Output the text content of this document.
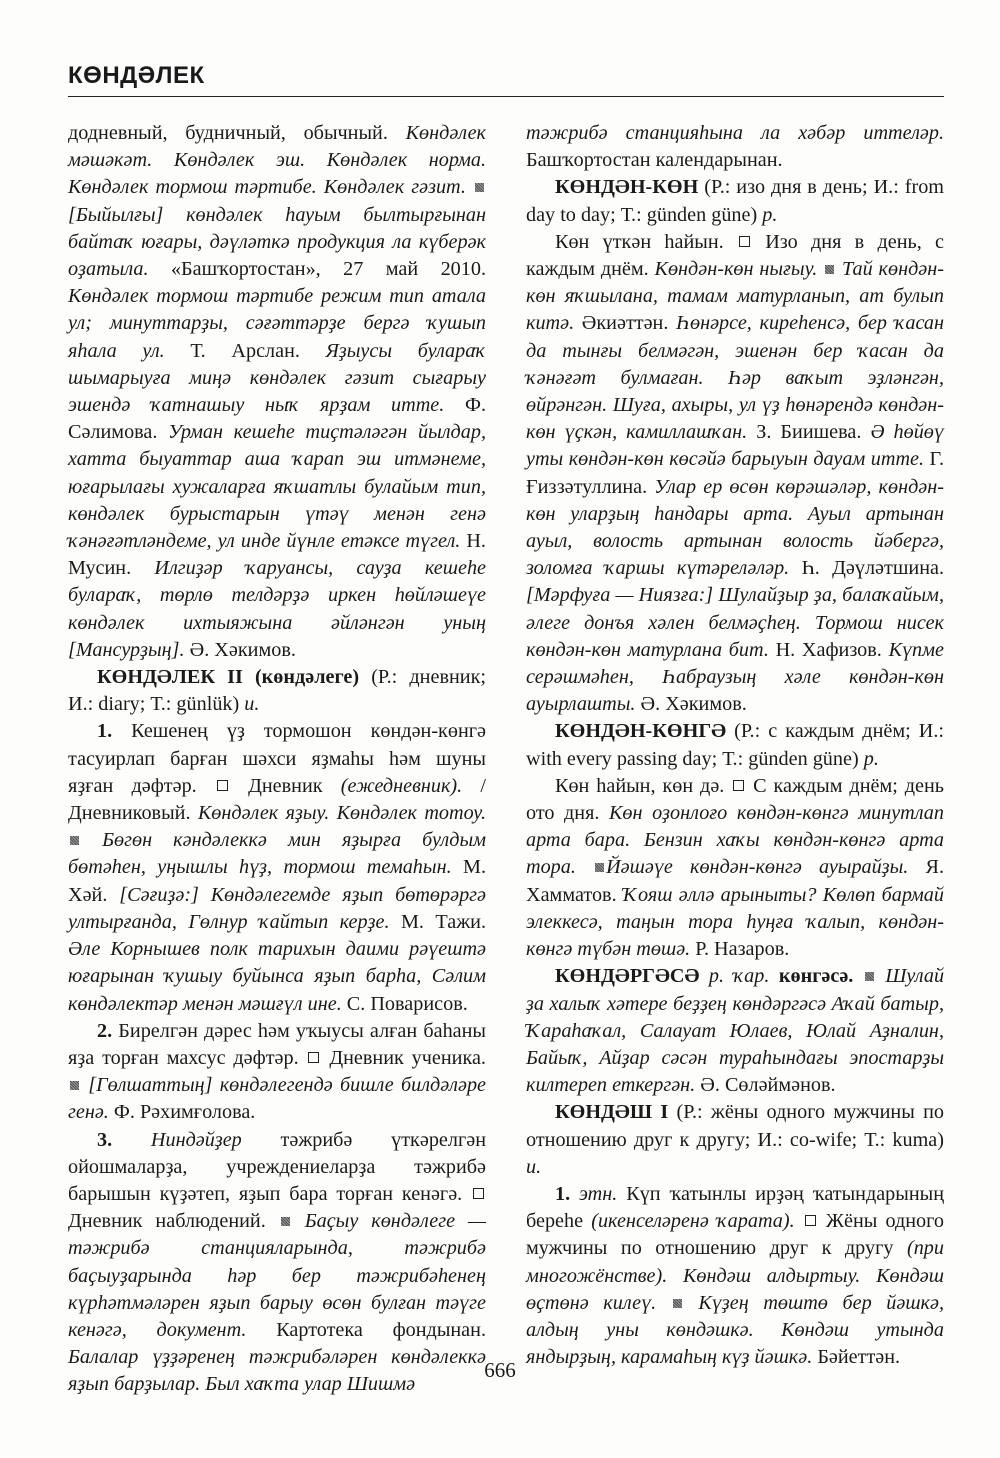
КӨНДӘЛЕК

додневный, будничный, обычный. Көндәлек мәшәкәт. Көндәлек эш. Көндәлек норма. Көндәлек тормош тәртибе. Көндәлек гәзит.  [Быйылғы] көндәлек һауым былтырғынан байтаҡ юғары, дәүләткә продукция ла күберәк оҙатыла. «Башҡортостан», 27 май 2010. Көндәлек тормош тәртибе режим тип атала ул; минуттарҙы, сәғәттәрҙе бергә ҡушып яһала ул. Т. Арслан. Яҙыусы булараҡ шымарыуға миңә көндәлек гәзит сығарыу эшендә ҡатнашыу ныҡ ярҙам итте. Ф. Сәлимова. Урман кешеһе тиҫтәләгән йылдар, хатта быуаттар аша ҡарап эш итмәнеме, юғарылағы хужаларға яҡшатлы булайым тип, көндәлек бурыстарын үтәү менән генә ҡәнәғәтләндеме, ул инде йүнле етәксе түгел. Н. Мусин. Илгиҙәр ҡаруансы, сауҙа кешеһе булараҡ, төрлө телдәрҙә иркен һөйләшеүе көндәлек ихтыяжына әйләнгән уның [Мансурҙың]. Ә. Хәкимов.

КӨНДӘЛЕК II (көндәлеге) (Р.: дневник; И.: diary; Т.: günlük) и.

1. Кешенең үҙ тормошон көндән-көнгә тасуирлап барған шәхси яҙмаһы һәм шуны яҙған дәфтәр.  Дневник (ежедневник). / Дневниковый. Көндәлек яҙыу. Көндәлек тотоу.  Бөгөн кәндәлеккә мин яҙырға булдым бөтәһен, уңышлы һүҙ, тормош темаһын. М. Хәй. [Сәғиҙә:] Көндәлегемде яҙып бөтөрәргә ултырғанда, Гөлнур ҡайтып керҙе. М. Тажи. Әле Корнышев полк тарихын даими рәүештә юғарынан ҡушыу буйынса яҙып барһа, Сәлим көндәлектәр менән мәшғүл ине. С. Поварисов.

2. Бирелгән дәрес һәм уҡыусы алған баһаны яҙа торған махсус дәфтәр.  Дневник ученика.  [Гөлшаттың] көндәлегендә бишле билдәләре генә. Ф. Рәхимғолова.

3. Ниндәйҙер тәжрибә үткәрелгән ойошмаларҙа, учреждениеларҙа тәжрибә барышын күҙәтеп, яҙып бара торған кенәгә.  Дневник наблюдений.  Баҫыу көндәлеге — тәжрибә станцияларында, тәжрибә баҫыуҙарында һәр бер тәжрибәһенең күрһәтмәләрен яҙып барыу өсөн булған тәүге кенәгә, документ. Картотека фондынан. Балалар үҙҙәренең тәжрибәләрен көндәлеккә яҙып барҙылар. Был хаҡта улар Шишмә

тәжрибә станцияһына ла хәбәр иттеләр. Башҡортостан календарынан.

КӨНДӘН-КӨН (Р.: изо дня в день; И.: from day to day; Т.: günden güne) р.

Көн үткән һайын.  Изо дня в день, с каждым днём. Көндән-көн нығыу. Тай көндән-көн яҡшылана, тамам матурланып, ат булып китә. Әкиәттән. Һөнәрсе, киреһенсә, бер ҡасан да тынғы белмәгән, эшенән бер ҡасан да ҡәнәғәт булмаған. Һәр ваҡыт эҙләнгән, өйрәнгән. Шуға, ахыры, ул үҙ һөнәрендә көндән-көн үҫкән, камиллашҡан. З. Биишева. Ә һөйөү уты көндән-көн көсәйә барыуын дауам итте. Г. Ғиззәтуллина. Улар ер өсөн көрәшәләр, көндән-көн уларҙың һандары арта. Ауыл артынан ауыл, волость артынан волость йәбергә, золомға ҡаршы күтәреләләр. Һ. Дәүләтшина. [Мәрфуға — Ниязға:] Шулайҙыр ҙа, балаҡайым, әлеге донъя хәлен белмәҫһең. Тормош нисек көндән-көн матурлана бит. Н. Хафизов. Күпме серәшмәһен, Һабраузың хәле көндән-көн ауырлашты. Ә. Хәкимов.

КӨНДӘН-КӨНГӘ (Р.: с каждым днём; И.: with every passing day; Т.: günden güne) р.

Көн һайын, көн дә.  С каждым днём; день ото дня. Көн оҙонлоғо көндән-көнгә минутлап арта бара. Бензин хаҡы көндән-көнгә арта тора. Йәшәүе көндән-көнгә ауырайҙы. Я. Хамматов. Ҡояш әллә арыныmы? Көлөп бармай элеккесә, таңын тора һуңға ҡалып, көндән-көнгә түбән төшә. Р. Назаров.

КӨНДӘРГӘСӘ р. ҡар. көнгәсә. Шулай ҙа халыҡ хәтере беҙҙең көндәргәсә Аҡай батыр, Ҡараһаҡал, Салауат Юлаев, Юлай Аҙналин, Байыҡ, Айҙар сәсән тураһындағы эпостарҙы килтереп еткергән. Ә. Сөләймәнов.

КӨНДӘШ I (Р.: жёны одного мужчины по отношению друг к другу; И.: co-wife; Т.: kuma) и.

1. этн. Күп ҡатынлы ирҙәң ҡатындарының береһе (икенселәренә ҡарата).  Жёны одного мужчины по отношению друг к другу (при многожёнстве). Көндәш алдыртыу. Көндәш өҫтөнә килеү. Күҙең төштө бер йәшкә, алдың уны көндәшкә. Көндәш утында яндырҙың, карамаһың күҙ йәшкә. Бәйеттән.

666
